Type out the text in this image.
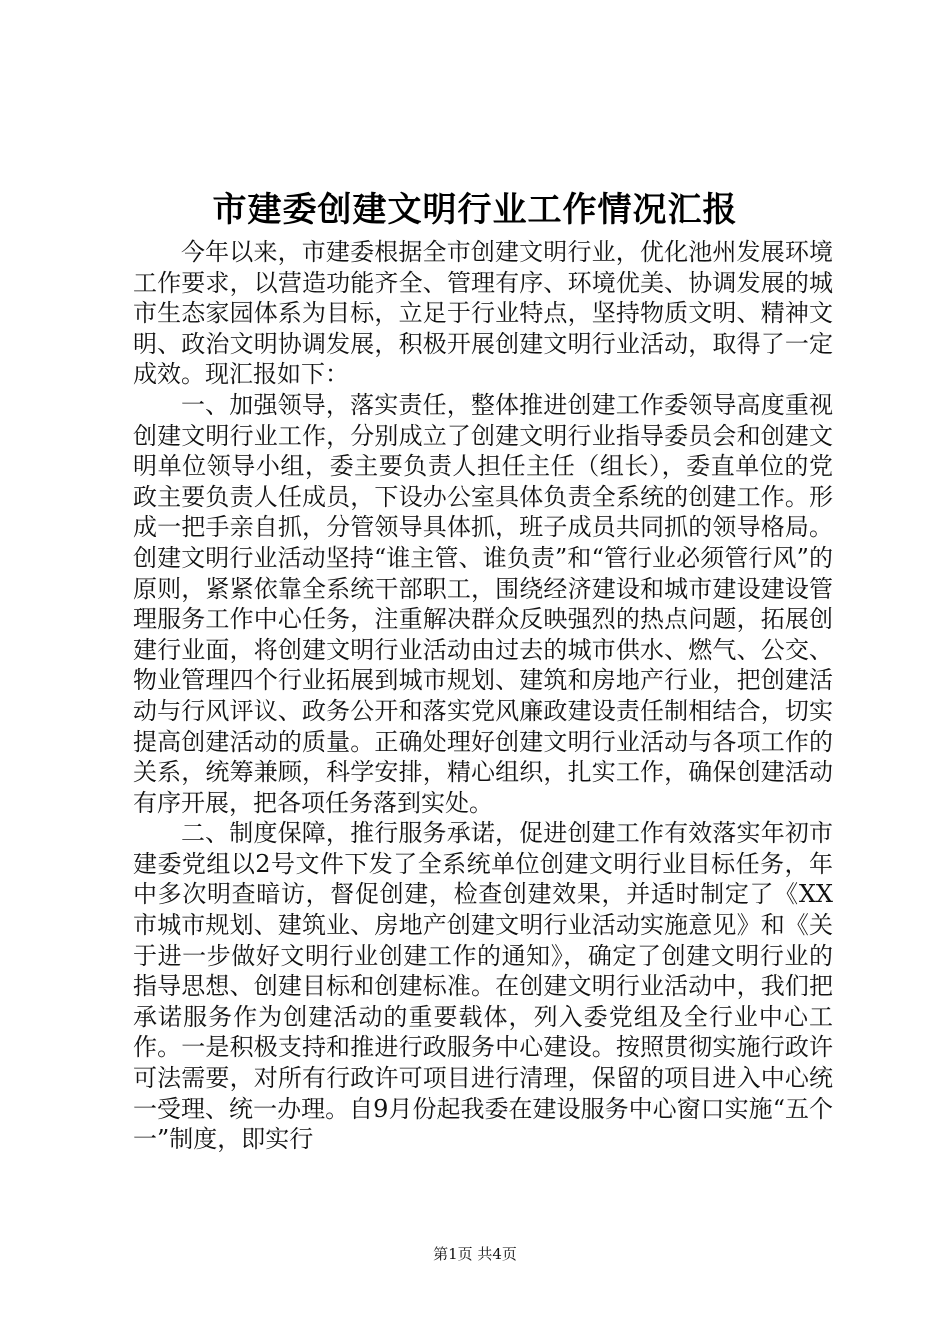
市建委创建文明行业工作情况汇报

今年以来，市建委根据全市创建文明行业，优化池州发展环境工作要求，以营造功能齐全、管理有序、环境优美、协调发展的城市生态家园体系为目标，立足于行业特点，坚持物质文明、精神文明、政治文明协调发展，积极开展创建文明行业活动，取得了一定成效。现汇报如下：

一、加强领导，落实责任，整体推进创建工作委领导高度重视创建文明行业工作，分别成立了创建文明行业指导委员会和创建文明单位领导小组，委主要负责人担任主任（组长），委直单位的党政主要负责人任成员，下设办公室具体负责全系统的创建工作。形成一把手亲自抓，分管领导具体抓，班子成员共同抓的领导格局。创建文明行业活动坚持“谁主管、谁负责”和“管行业必须管行风”的原则，紧紧依靠全系统干部职工，围绕经济建设和城市建设建设管理服务工作中心任务，注重解决群众反映强烈的热点问题，拓展创建行业面，将创建文明行业活动由过去的城市供水、燃气、公交、物业管理四个行业拓展到城市规划、建筑和房地产行业，把创建活动与行风评议、政务公开和落实党风廉政建设责任制相结合，切实提高创建活动的质量。正确处理好创建文明行业活动与各项工作的关系，统筹兼顾，科学安排，精心组织，扎实工作，确保创建活动有序开展，把各项任务落到实处。

二、制度保障，推行服务承诺，促进创建工作有效落实年初市建委党组以2号文件下发了全系统单位创建文明行业目标任务，年中多次明查暗访，督促创建，检查创建效果，并适时制定了《XX市城市规划、建筑业、房地产创建文明行业活动实施意见》和《关于进一步做好文明行业创建工作的通知》，确定了创建文明行业的指导思想、创建目标和创建标准。在创建文明行业活动中，我们把承诺服务作为创建活动的重要载体，列入委党组及全行业中心工作。一是积极支持和推进行政服务中心建设。按照贯彻实施行政许可法需要，对所有行政许可项目进行清理，保留的项目进入中心统一受理、统一办理。自9月份起我委在建设服务中心窗口实施“五个一”制度，即实行

第1页 共4页
